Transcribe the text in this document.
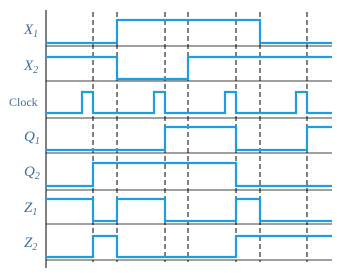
$X_1$
$X_2$
Clock
$Q_1$
$Q_2$
$Z_1$
$Z_2$
